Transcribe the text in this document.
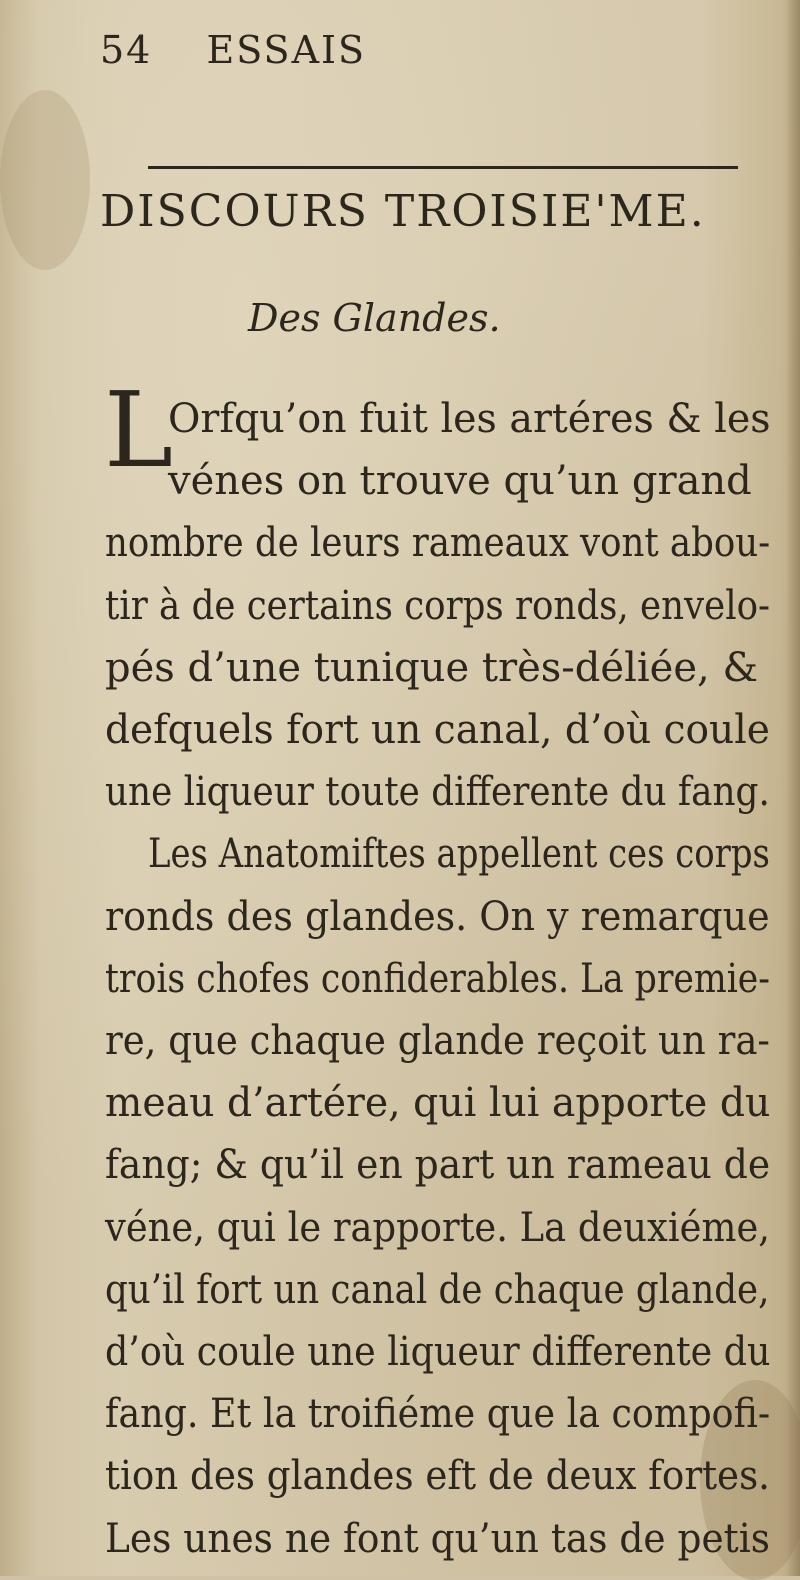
54 ESSAIS
DISCOURS TROISIE'ME.
Des Glandes.
L
Orfqu’on fuit les artéres & les
vénes on trouve qu’un grand
nombre de leurs rameaux vont abou-
tir à de certains corps ronds, envelo-
pés d’une tunique très-déliée, &
defquels fort un canal, d’où coule
une liqueur toute differente du fang.
Les Anatomiftes appellent ces corps
ronds des glandes. On y remarque
trois chofes confiderables. La premie-
re, que chaque glande reçoit un ra-
meau d’artére, qui lui apporte du
fang; & qu’il en part un rameau de
véne, qui le rapporte. La deuxiéme,
qu’il fort un canal de chaque glande,
d’où coule une liqueur differente du
fang. Et la troifiéme que la compofi-
tion des glandes eft de deux fortes.
Les unes ne font qu’un tas de petis
